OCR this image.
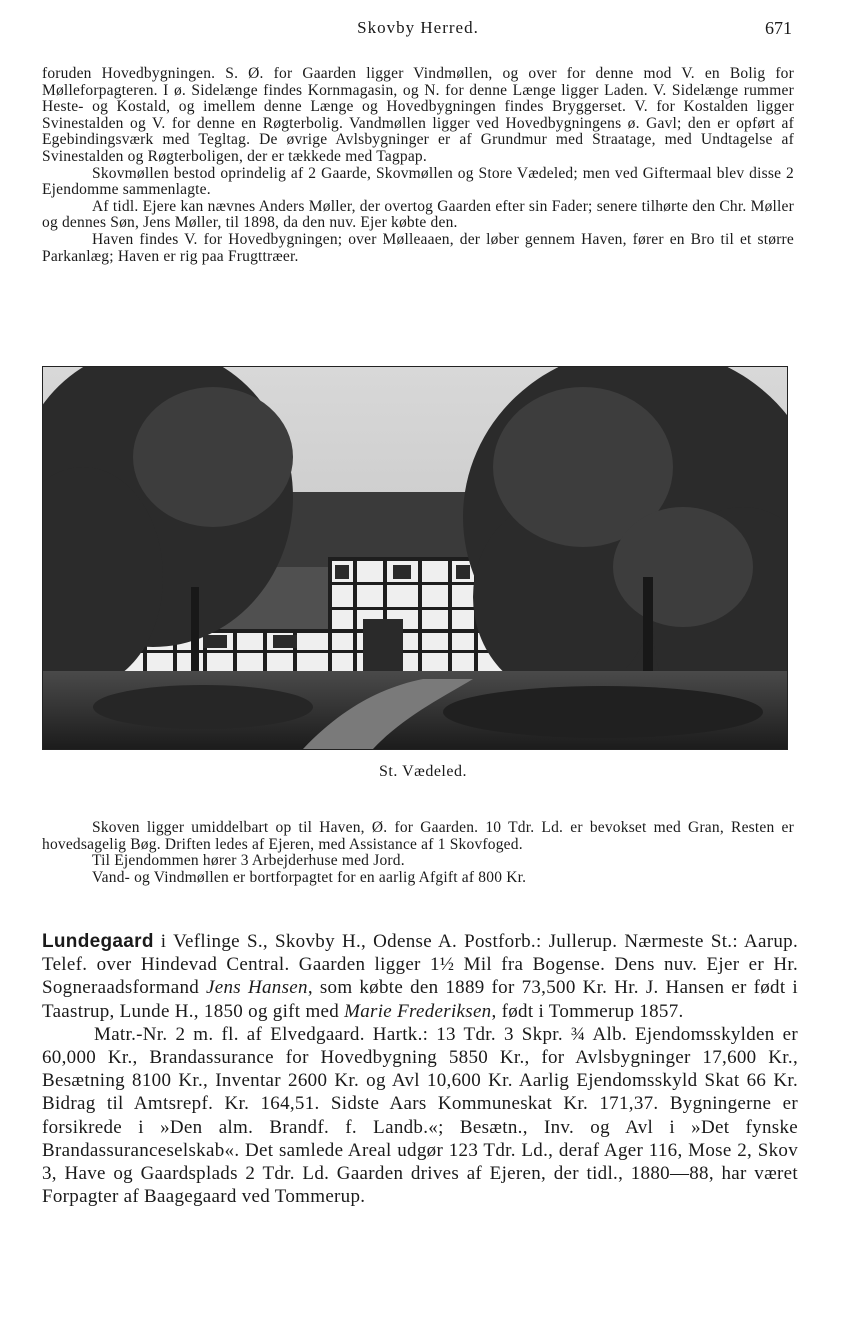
Skovby Herred.	671

foruden Hovedbygningen. S. Ø. for Gaarden ligger Vindmøllen, og over for denne mod V. en Bolig for Mølleforpagteren. I ø. Sidelænge findes Kornmagasin, og N. for denne Længe ligger Laden. V. Sidelænge rummer Heste- og Kostald, og imellem denne Længe og Hovedbygningen findes Bryggerset. V. for Kostalden ligger Svinestalden og V. for denne en Røgterbolig. Vandmøllen ligger ved Hovedbygningens ø. Gavl; den er opført af Egebindingsværk med Tegltag. De øvrige Avlsbygninger er af Grundmur med Straatage, med Undtagelse af Svinestalden og Røgterboligen, der er tækkede med Tagpap.

Skovmøllen bestod oprindelig af 2 Gaarde, Skovmøllen og Store Vædeled; men ved Giftermaal blev disse 2 Ejendomme sammenlagte.

Af tidl. Ejere kan nævnes Anders Møller, der overtog Gaarden efter sin Fader; senere tilhørte den Chr. Møller og dennes Søn, Jens Møller, til 1898, da den nuv. Ejer købte den.

Haven findes V. for Hovedbygningen; over Mølleaaen, der løber gennem Haven, fører en Bro til et større Parkanlæg; Haven er rig paa Frugttræer.

St. Vædeled.

Skoven ligger umiddelbart op til Haven, Ø. for Gaarden. 10 Tdr. Ld. er bevokset med Gran, Resten er hovedsagelig Bøg. Driften ledes af Ejeren, med Assistance af 1 Skovfoged.

Til Ejendommen hører 3 Arbejderhuse med Jord.

Vand- og Vindmøllen er bortforpagtet for en aarlig Afgift af 800 Kr.

Lundegaard i Veflinge S., Skovby H., Odense A. Postforb.: Jullerup. Nærmeste St.: Aarup. Telef. over Hindevad Central. Gaarden ligger 1½ Mil fra Bogense. Dens nuv. Ejer er Hr. Sogneraadsformand Jens Hansen, som købte den 1889 for 73,500 Kr. Hr. J. Hansen er født i Taastrup, Lunde H., 1850 og gift med Marie Frederiksen, født i Tommerup 1857.

Matr.-Nr. 2 m. fl. af Elvedgaard. Hartk.: 13 Tdr. 3 Skpr. ¾ Alb. Ejendomsskylden er 60,000 Kr., Brandassurance for Hovedbygning 5850 Kr., for Avlsbygninger 17,600 Kr., Besætning 8100 Kr., Inventar 2600 Kr. og Avl 10,600 Kr. Aarlig Ejendomsskyld Skat 66 Kr. Bidrag til Amtsrepf. Kr. 164,51. Sidste Aars Kommuneskat Kr. 171,37. Bygningerne er forsikrede i »Den alm. Brandf. f. Landb.«; Besætn., Inv. og Avl i »Det fynske Brandassuranceselskab«. Det samlede Areal udgør 123 Tdr. Ld., deraf Ager 116, Mose 2, Skov 3, Have og Gaardsplads 2 Tdr. Ld. Gaarden drives af Ejeren, der tidl., 1880—88, har været Forpagter af Baagegaard ved Tommerup.
